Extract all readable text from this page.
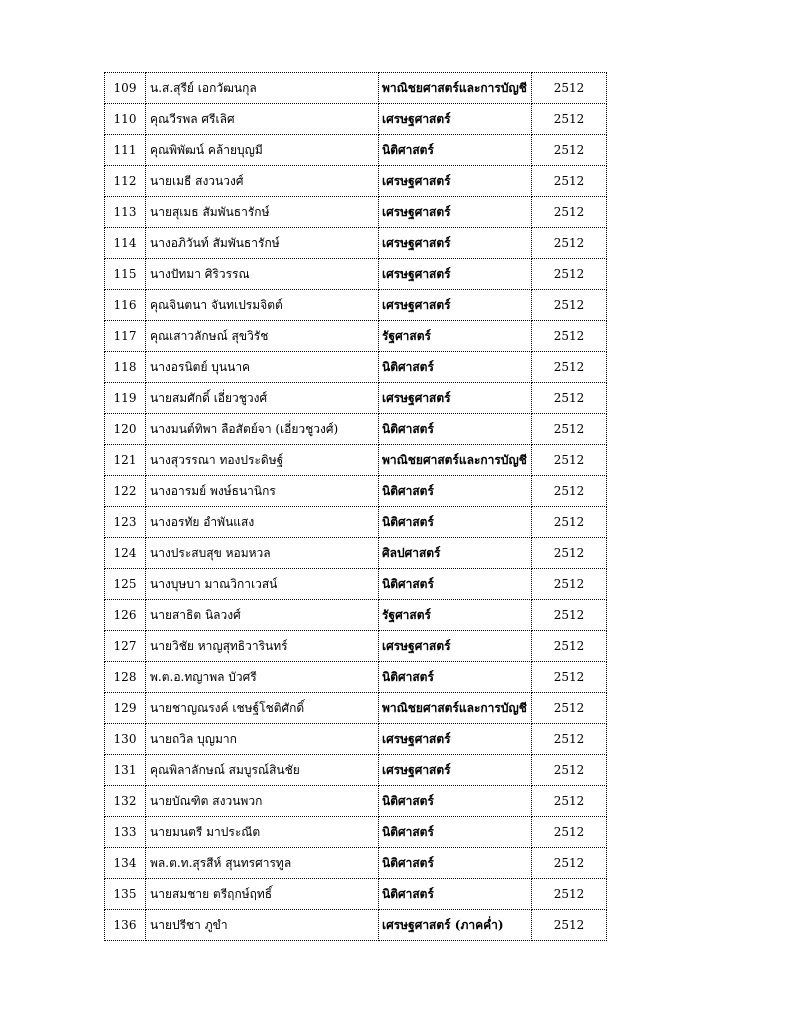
109	น.ส.สุรีย์ เอกวัฒนกุล	พาณิชยศาสตร์และการบัญชี	2512
110	คุณวีรพล ศรีเลิศ	เศรษฐศาสตร์	2512
111	คุณพิพัฒน์ คล้ายบุญมี	นิติศาสตร์	2512
112	นายเมธี สงวนวงศ์	เศรษฐศาสตร์	2512
113	นายสุเมธ สัมพันธารักษ์	เศรษฐศาสตร์	2512
114	นางอภิวันท์ สัมพันธารักษ์	เศรษฐศาสตร์	2512
115	นางปัทมา ศิริวรรณ	เศรษฐศาสตร์	2512
116	คุณจินตนา จันทเปรมจิตต์	เศรษฐศาสตร์	2512
117	คุณเสาวลักษณ์ สุขวิรัช	รัฐศาสตร์	2512
118	นางอรนิตย์ บุนนาค	นิติศาสตร์	2512
119	นายสมศักดิ์ เอี่ยวชูวงศ์	เศรษฐศาสตร์	2512
120	นางมนต์ทิพา ลือสัตย์จา (เอี่ยวชูวงศ์)	นิติศาสตร์	2512
121	นางสุวรรณา ทองประดิษฐ์	พาณิชยศาสตร์และการบัญชี	2512
122	นางอารมย์ พงษ์ธนานิกร	นิติศาสตร์	2512
123	นางอรทัย อำพันแสง	นิติศาสตร์	2512
124	นางประสบสุข หอมหวล	ศิลปศาสตร์	2512
125	นางบุษบา มาณวิกาเวสน์	นิติศาสตร์	2512
126	นายสาธิต นิลวงศ์	รัฐศาสตร์	2512
127	นายวิชัย หาญสุทธิวารินทร์	เศรษฐศาสตร์	2512
128	พ.ต.อ.ทญาพล บัวศรี	นิติศาสตร์	2512
129	นายชาญณรงค์ เชษฐ์โชติศักดิ์	พาณิชยศาสตร์และการบัญชี	2512
130	นายถวิล บุญมาก	เศรษฐศาสตร์	2512
131	คุณพิลาลักษณ์ สมบูรณ์สินชัย	เศรษฐศาสตร์	2512
132	นายบัณฑิต สงวนพวก	นิติศาสตร์	2512
133	นายมนตรี มาประณีต	นิติศาสตร์	2512
134	พล.ต.ท.สุรสีห์ สุนทรศารทูล	นิติศาสตร์	2512
135	นายสมชาย ตรีฤกษ์ฤทธิ์	นิติศาสตร์	2512
136	นายปรีชา ภูขำ	เศรษฐศาสตร์ (ภาคค่ำ)	2512
